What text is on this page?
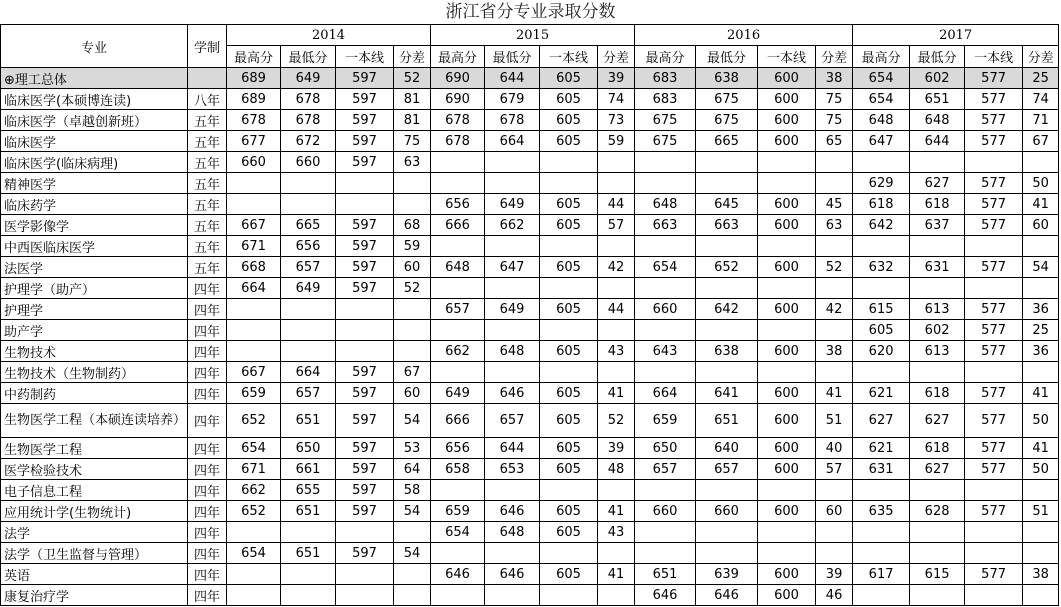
浙江省分专业录取分数
专业	学制	2014				2015				2016				2017			
		最高分	最低分	一本线	分差	最高分	最低分	一本线	分差	最高分	最低分	一本线	分差	最高分	最低分	一本线	分差
⊕理工总体		689	649	597	52	690	644	605	39	683	638	600	38	654	602	577	25
临床医学(本硕博连读)	八年	689	678	597	81	690	679	605	74	683	675	600	75	654	651	577	74
临床医学（卓越创新班）	五年	678	678	597	81	678	678	605	73	675	675	600	75	648	648	577	71
临床医学	五年	677	672	597	75	678	664	605	59	675	665	600	65	647	644	577	67
临床医学(临床病理)	五年	660	660	597	63												
精神医学	五年													629	627	577	50
临床药学	五年					656	649	605	44	648	645	600	45	618	618	577	41
医学影像学	五年	667	665	597	68	666	662	605	57	663	663	600	63	642	637	577	60
中西医临床医学	五年	671	656	597	59												
法医学	五年	668	657	597	60	648	647	605	42	654	652	600	52	632	631	577	54
护理学（助产）	四年	664	649	597	52												
护理学	四年					657	649	605	44	660	642	600	42	615	613	577	36
助产学	四年													605	602	577	25
生物技术	四年					662	648	605	43	643	638	600	38	620	613	577	36
生物技术（生物制药）	四年	667	664	597	67												
中药制药	四年	659	657	597	60	649	646	605	41	664	641	600	41	621	618	577	41
生物医学工程（本硕连读培养）	四年	652	651	597	54	666	657	605	52	659	651	600	51	627	627	577	50
生物医学工程	四年	654	650	597	53	656	644	605	39	650	640	600	40	621	618	577	41
医学检验技术	四年	671	661	597	64	658	653	605	48	657	657	600	57	631	627	577	50
电子信息工程	四年	662	655	597	58												
应用统计学(生物统计)	四年	652	651	597	54	659	646	605	41	660	660	600	60	635	628	577	51
法学	四年					654	648	605	43								
法学（卫生监督与管理）	四年	654	651	597	54												
英语	四年					646	646	605	41	651	639	600	39	617	615	577	38
康复治疗学	四年									646	646	600	46				
